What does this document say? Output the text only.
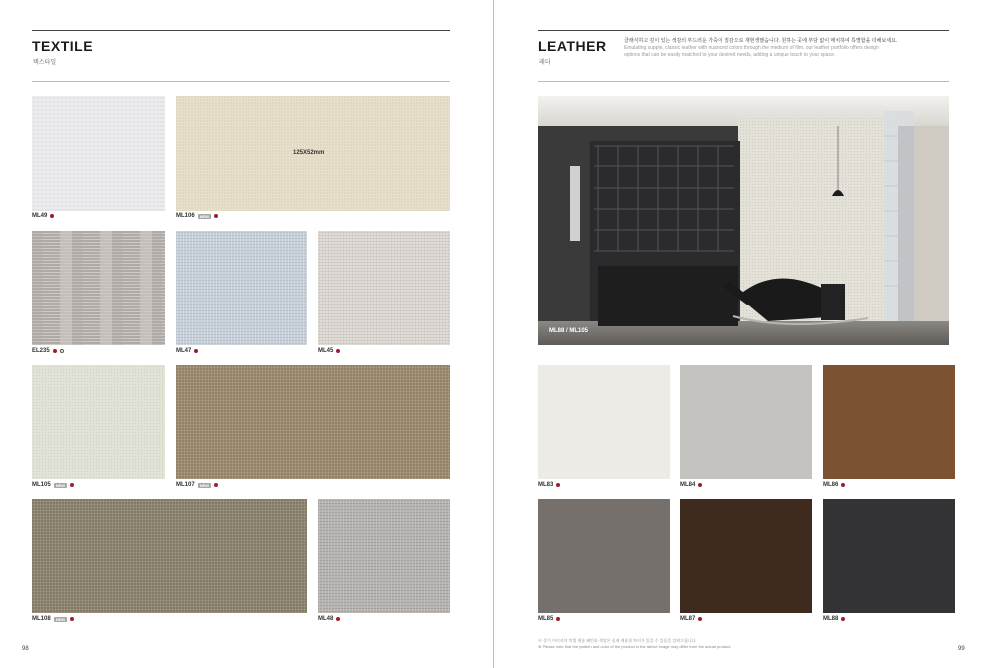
TEXTILE
텍스타일
ML49
125X52mm
ML106	NEW
EL235	ML47	ML45
ML105	NEW	ML107	NEW
ML108	NEW	ML48
98
LEATHER
레더
클래식하고 깊이 있는 색감의 부드러운 가죽이 질감으로 재현생했습니다. 원하는 곳에 부담 없이 매치하여 특별함을 더해보세요.
Emulating supple, classic leather with nuanced colors through the medium of film, our leather portfolio offers design
options that can be easily matched to your desired needs, adding a unique touch to your space.
ML88 / ML105
ML83	ML84	ML86
ML85	ML87	ML88
※ 상기 이미지의 컨셉 제품 패턴과 색상은 실제 제품과 차이가 있을 수 있음을 알려드립니다.
※ Please note that the pattern and color of the product in the above image may differ from the actual product.	99
